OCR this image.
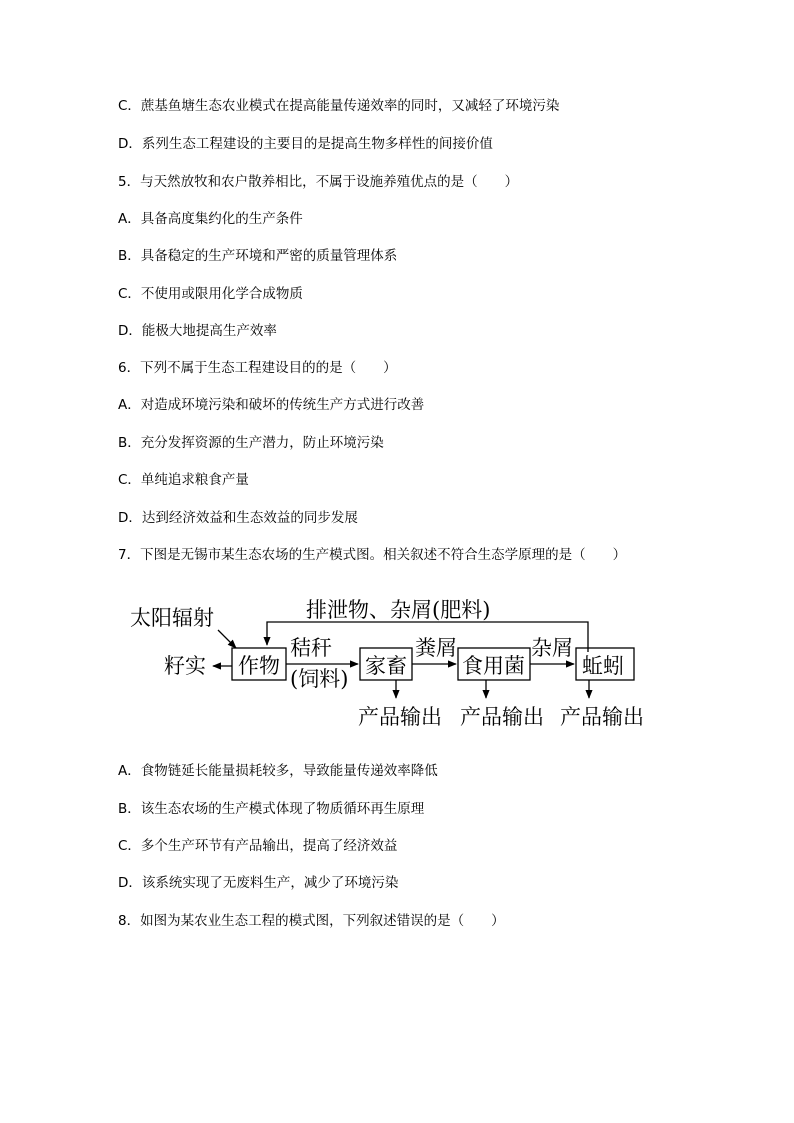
C．蔗基鱼塘生态农业模式在提高能量传递效率的同时，又减轻了环境污染
D．系列生态工程建设的主要目的是提高生物多样性的间接价值
5．与天然放牧和农户散养相比，不属于设施养殖优点的是（　　）
A．具备高度集约化的生产条件
B．具备稳定的生产环境和严密的质量管理体系
C．不使用或限用化学合成物质
D．能极大地提高生产效率
6．下列不属于生态工程建设目的的是（　　）
A．对造成环境污染和破坏的传统生产方式进行改善
B．充分发挥资源的生产潜力，防止环境污染
C．单纯追求粮食产量
D．达到经济效益和生态效益的同步发展
7．下图是无锡市某生态农场的生产模式图。相关叙述不符合生态学原理的是（　　）
排泄物、杂屑(肥料)
太阳辐射
籽实 作物
秸秆
(饲料)
家畜
粪屑
食用菌
杂屑
蚯蚓
产品输出 产品输出 产品输出
A．食物链延长能量损耗较多，导致能量传递效率降低
B．该生态农场的生产模式体现了物质循环再生原理
C．多个生产环节有产品输出，提高了经济效益
D．该系统实现了无废料生产，减少了环境污染
8．如图为某农业生态工程的模式图，下列叙述错误的是（　　）
